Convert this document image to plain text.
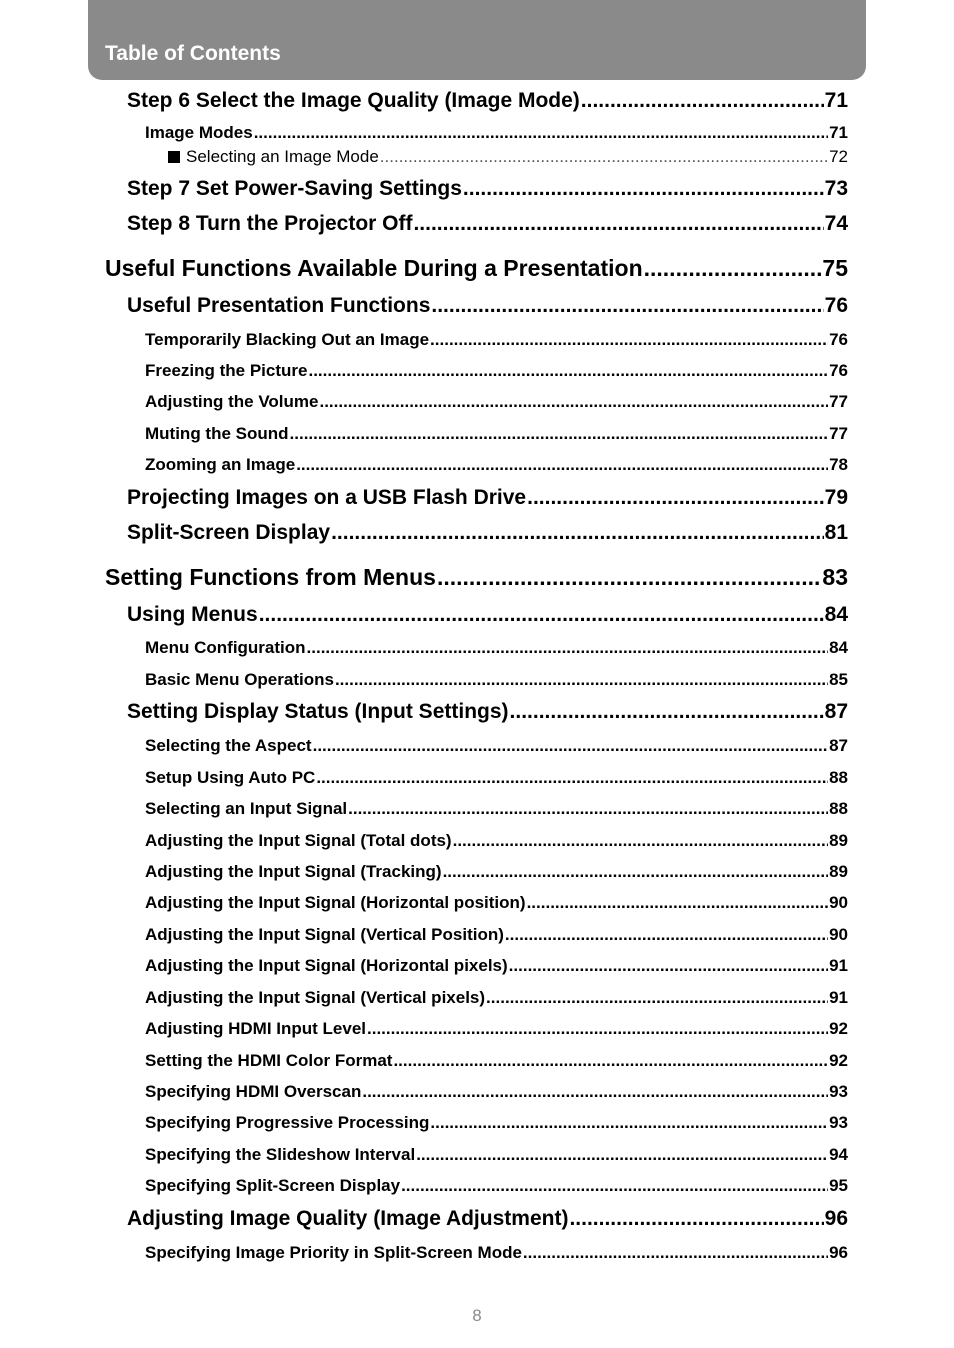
Table of Contents
Step 6 Select the Image Quality (Image Mode) .....	71
Image Modes .....	71
Selecting an Image Mode .....	72
Step 7 Set Power-Saving Settings .....	73
Step 8 Turn the Projector Off .....	74
Useful Functions Available During a Presentation .....	75
Useful Presentation Functions .....	76
Temporarily Blacking Out an Image .....	76
Freezing the Picture .....	76
Adjusting the Volume .....	77
Muting the Sound .....	77
Zooming an Image .....	78
Projecting Images on a USB Flash Drive .....	79
Split-Screen Display .....	81
Setting Functions from Menus .....	83
Using Menus .....	84
Menu Configuration .....	84
Basic Menu Operations .....	85
Setting Display Status (Input Settings) .....	87
Selecting the Aspect .....	87
Setup Using Auto PC .....	88
Selecting an Input Signal .....	88
Adjusting the Input Signal (Total dots) .....	89
Adjusting the Input Signal (Tracking) .....	89
Adjusting the Input Signal (Horizontal position) .....	90
Adjusting the Input Signal (Vertical Position) .....	90
Adjusting the Input Signal (Horizontal pixels) .....	91
Adjusting the Input Signal (Vertical pixels) .....	91
Adjusting HDMI Input Level .....	92
Setting the HDMI Color Format .....	92
Specifying HDMI Overscan .....	93
Specifying Progressive Processing .....	93
Specifying the Slideshow Interval .....	94
Specifying Split-Screen Display .....	95
Adjusting Image Quality (Image Adjustment) .....	96
Specifying Image Priority in Split-Screen Mode .....	96
8
